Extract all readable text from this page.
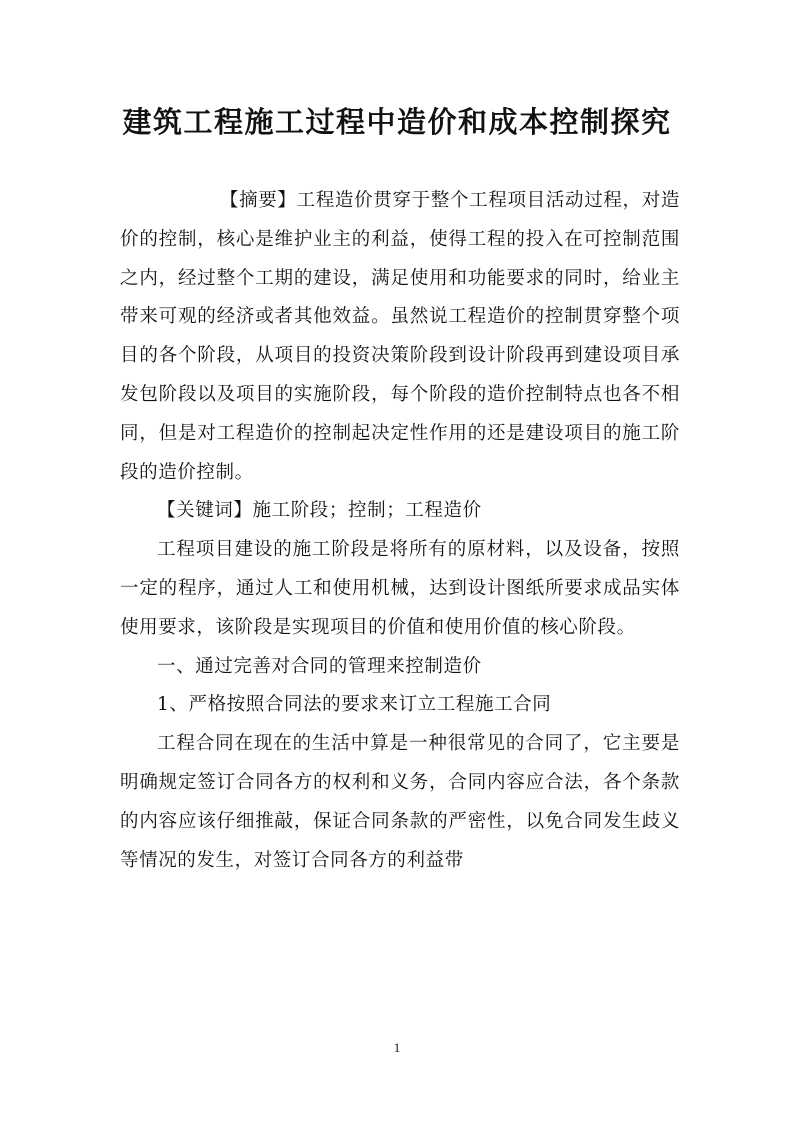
建筑工程施工过程中造价和成本控制探究

【摘要】工程造价贯穿于整个工程项目活动过程，对造价的控制，核心是维护业主的利益，使得工程的投入在可控制范围之内，经过整个工期的建设，满足使用和功能要求的同时，给业主带来可观的经济或者其他效益。虽然说工程造价的控制贯穿整个项目的各个阶段，从项目的投资决策阶段到设计阶段再到建设项目承发包阶段以及项目的实施阶段，每个阶段的造价控制特点也各不相同，但是对工程造价的控制起决定性作用的还是建设项目的施工阶段的造价控制。

【关键词】施工阶段；控制；工程造价

工程项目建设的施工阶段是将所有的原材料，以及设备，按照一定的程序，通过人工和使用机械，达到设计图纸所要求成品实体使用要求，该阶段是实现项目的价值和使用价值的核心阶段。

一、通过完善对合同的管理来控制造价

1、严格按照合同法的要求来订立工程施工合同

工程合同在现在的生活中算是一种很常见的合同了，它主要是明确规定签订合同各方的权利和义务，合同内容应合法，各个条款的内容应该仔细推敲，保证合同条款的严密性，以免合同发生歧义等情况的发生，对签订合同各方的利益带

1
